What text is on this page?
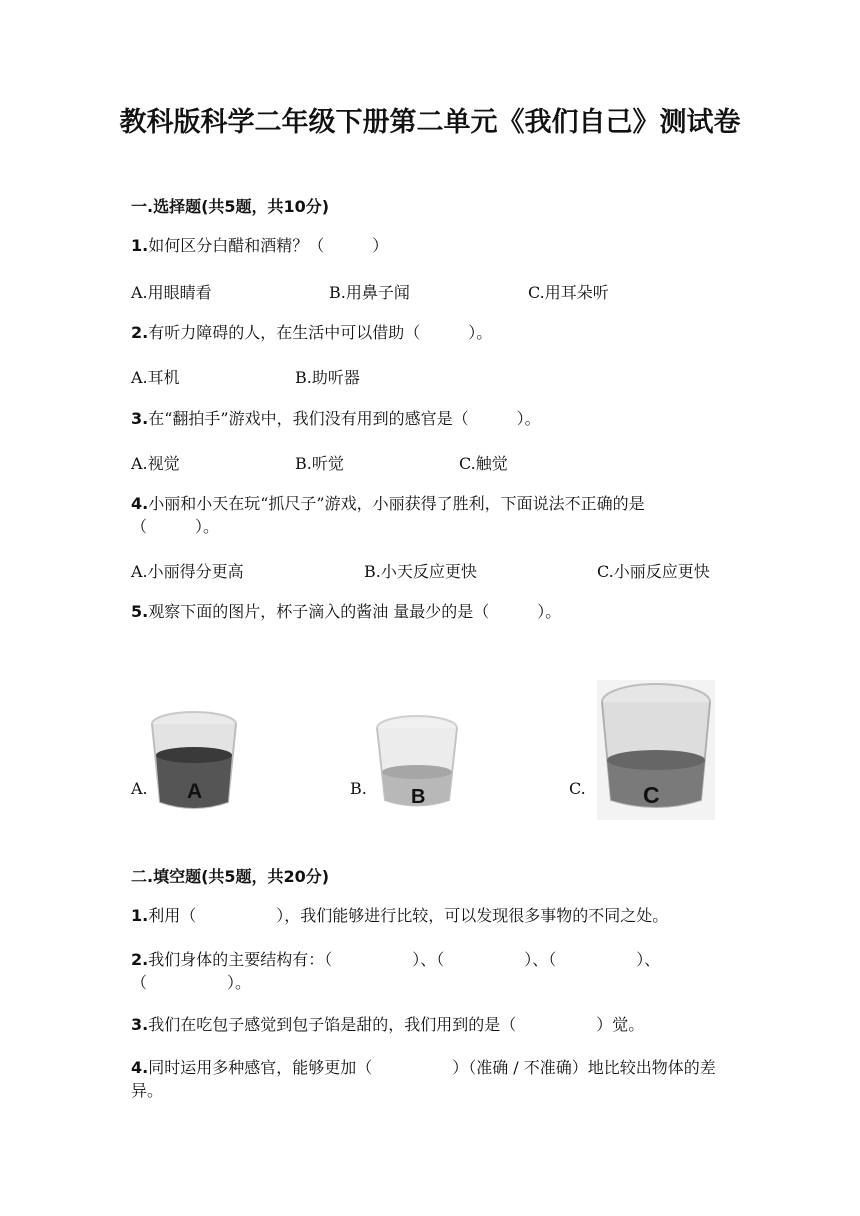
教科版科学二年级下册第二单元《我们自己》测试卷
一.选择题(共5题，共10分)
1.如何区分白醋和酒精？（　　　）
A.用眼睛看	B.用鼻子闻	C.用耳朵听
2.有听力障碍的人，在生活中可以借助（　　　）。
A.耳机	B.助听器
3.在“翻拍手”游戏中，我们没有用到的感官是（　　　）。
A.视觉	B.听觉	C.触觉
4.小丽和小天在玩“抓尺子”游戏，小丽获得了胜利，下面说法不正确的是（　　　）。
A.小丽得分更高	B.小天反应更快	C.小丽反应更快
5.观察下面的图片，杯子滴入的酱油 量最少的是（　　　）。
A. A	B. B	C. C
二.填空题(共5题，共20分)
1.利用（　　　　　），我们能够进行比较，可以发现很多事物的不同之处。
2.我们身体的主要结构有：（　　　　　）、（　　　　　）、（　　　　　）、（　　　　　）。
3.我们在吃包子感觉到包子馅是甜的，我们用到的是（　　　　　）觉。
4.同时运用多种感官，能够更加（　　　　　）（准确 / 不准确）地比较出物体的差异。
